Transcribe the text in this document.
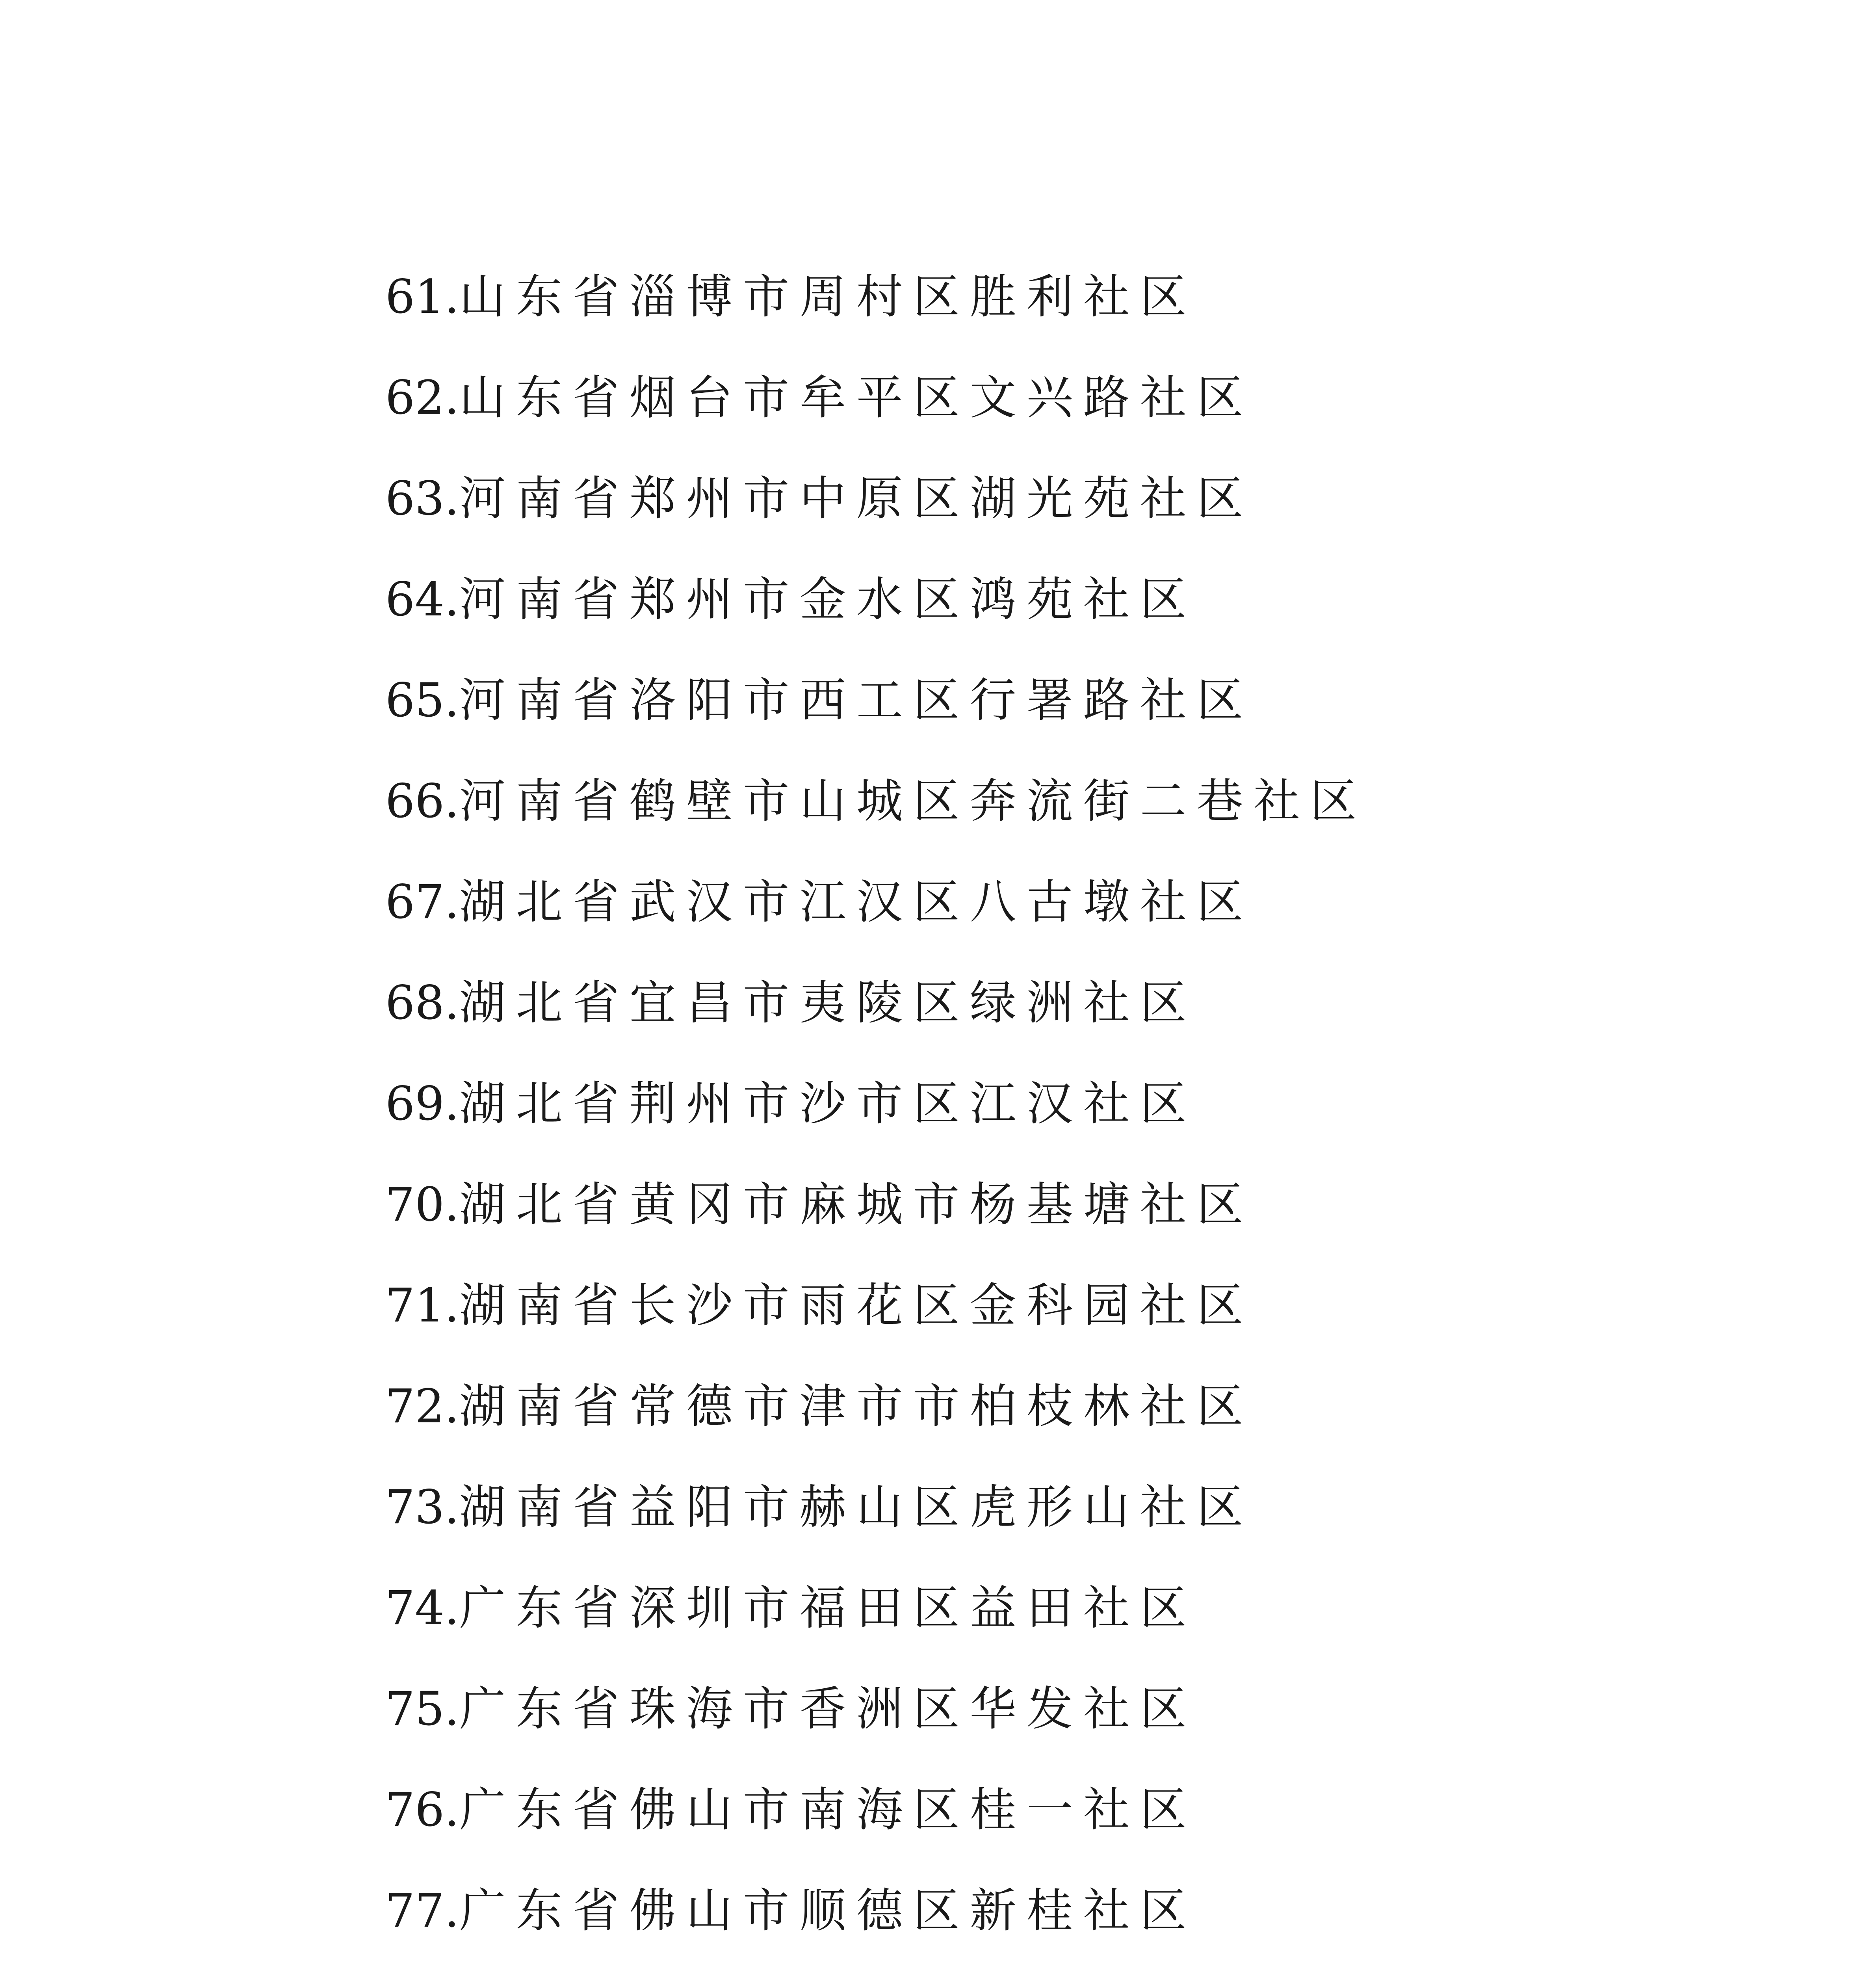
61. 山东省淄博市周村区胜利社区
62. 山东省烟台市牟平区文兴路社区
63. 河南省郑州市中原区湖光苑社区
64. 河南省郑州市金水区鸿苑社区
65. 河南省洛阳市西工区行署路社区
66. 河南省鹤壁市山城区奔流街二巷社区
67. 湖北省武汉市江汉区八古墩社区
68. 湖北省宜昌市夷陵区绿洲社区
69. 湖北省荆州市沙市区江汉社区
70. 湖北省黄冈市麻城市杨基塘社区
71. 湖南省长沙市雨花区金科园社区
72. 湖南省常德市津市市柏枝林社区
73. 湖南省益阳市赫山区虎形山社区
74. 广东省深圳市福田区益田社区
75. 广东省珠海市香洲区华发社区
76. 广东省佛山市南海区桂一社区
77. 广东省佛山市顺德区新桂社区
